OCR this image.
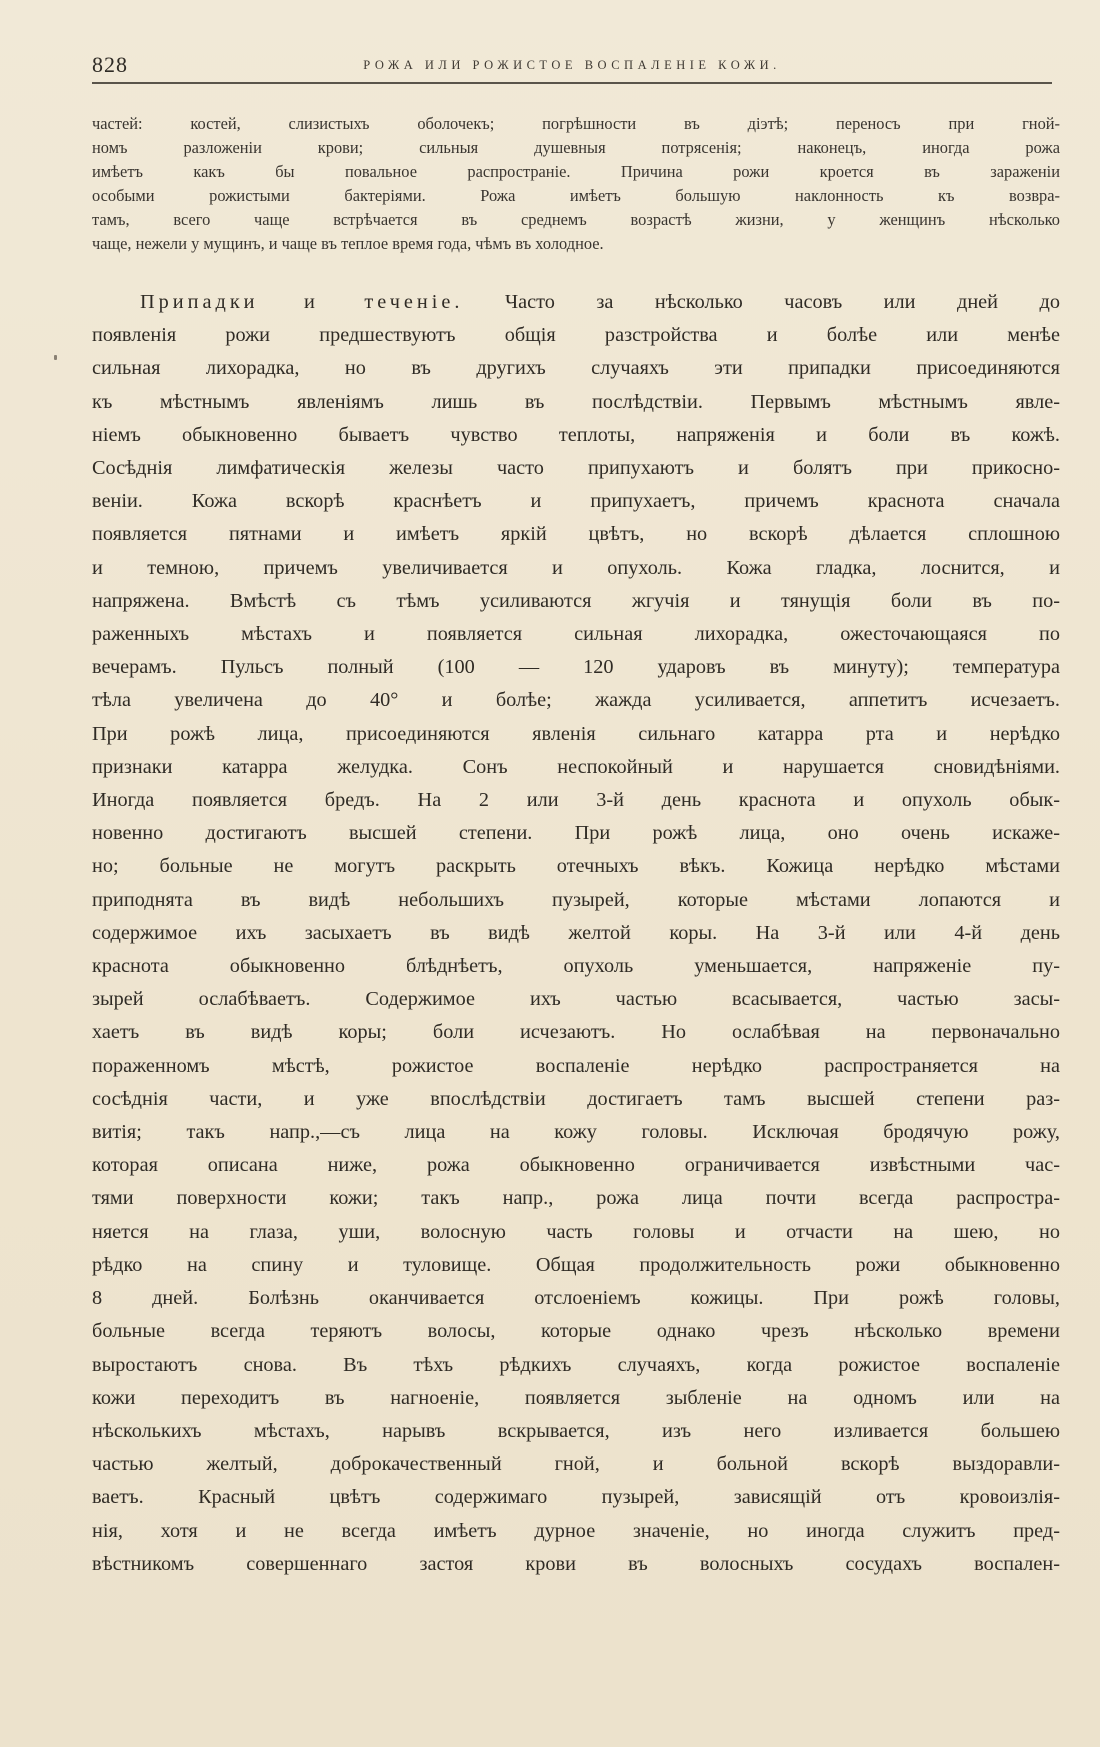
828	РОЖА ИЛИ РОЖИСТОЕ ВОСПАЛЕНІЕ КОЖИ.
частей: костей, слизистыхъ оболочекъ; погрѣшности въ діэтѣ; переносъ при гной-
номъ разложеніи крови; сильныя душевныя потрясенія; наконецъ, иногда рожа
имѣетъ какъ бы повальное распространіе. Причина рожи кроется въ зараженіи
особыми рожистыми бактеріями. Рожа имѣетъ большую наклонность къ возвра-
тамъ, всего чаще встрѣчается въ среднемъ возрастѣ жизни, у женщинъ нѣсколько
чаще, нежели у мущинъ, и чаще въ теплое время года, чѣмъ въ холодное.
Припадки и теченіе. Часто за нѣсколько часовъ или дней до
появленія рожи предшествуютъ общія разстройства и болѣе или менѣе
сильная лихорадка, но въ другихъ случаяхъ эти припадки присоединяются
къ мѣстнымъ явленіямъ лишь въ послѣдствіи. Первымъ мѣстнымъ явле-
ніемъ обыкновенно бываетъ чувство теплоты, напряженія и боли въ кожѣ.
Сосѣднія лимфатическія железы часто припухаютъ и болятъ при прикосно-
веніи. Кожа вскорѣ краснѣетъ и припухаетъ, причемъ краснота сначала
появляется пятнами и имѣетъ яркій цвѣтъ, но вскорѣ дѣлается сплошною
и темною, причемъ увеличивается и опухоль. Кожа гладка, лоснится, и
напряжена. Вмѣстѣ съ тѣмъ усиливаются жгучія и тянущія боли въ по-
раженныхъ мѣстахъ и появляется сильная лихорадка, ожесточающаяся по
вечерамъ. Пульсъ полный (100 — 120 ударовъ въ минуту); температура
тѣла увеличена до 40° и болѣе; жажда усиливается, аппетитъ исчезаетъ.
При рожѣ лица, присоединяются явленія сильнаго катарра рта и нерѣдко
признаки катарра желудка. Сонъ неспокойный и нарушается сновидѣніями.
Иногда появляется бредъ. На 2 или 3-й день краснота и опухоль обык-
новенно достигаютъ высшей степени. При рожѣ лица, оно очень искаже-
но; больные не могутъ раскрыть отечныхъ вѣкъ. Кожица нерѣдко мѣстами
приподнята въ видѣ небольшихъ пузырей, которые мѣстами лопаются и
содержимое ихъ засыхаетъ въ видѣ желтой коры. На 3-й или 4-й день
краснота обыкновенно блѣднѣетъ, опухоль уменьшается, напряженіе пу-
зырей ослабѣваетъ. Содержимое ихъ частью всасывается, частью засы-
хаетъ въ видѣ коры; боли исчезаютъ. Но ослабѣвая на первоначально
пораженномъ мѣстѣ, рожистое воспаленіе нерѣдко распространяется на
сосѣднія части, и уже впослѣдствіи достигаетъ тамъ высшей степени раз-
витія; такъ напр.,—съ лица на кожу головы. Исключая бродячую рожу,
которая описана ниже, рожа обыкновенно ограничивается извѣстными час-
тями поверхности кожи; такъ напр., рожа лица почти всегда распростра-
няется на глаза, уши, волосную часть головы и отчасти на шею, но
рѣдко на спину и туловище. Общая продолжительность рожи обыкновенно
8 дней. Болѣзнь оканчивается отслоеніемъ кожицы. При рожѣ головы,
больные всегда теряютъ волосы, которые однако чрезъ нѣсколько времени
выростаютъ снова. Въ тѣхъ рѣдкихъ случаяхъ, когда рожистое воспаленіе
кожи переходитъ въ нагноеніе, появляется зыбленіе на одномъ или на
нѣсколькихъ мѣстахъ, нарывъ вскрывается, изъ него изливается большею
частью желтый, доброкачественный гной, и больной вскорѣ выздоравли-
ваетъ. Красный цвѣтъ содержимаго пузырей, зависящій отъ кровоизлія-
нія, хотя и не всегда имѣетъ дурное значеніе, но иногда служитъ пред-
вѣстникомъ совершеннаго застоя крови въ волосныхъ сосудахъ воспален-
